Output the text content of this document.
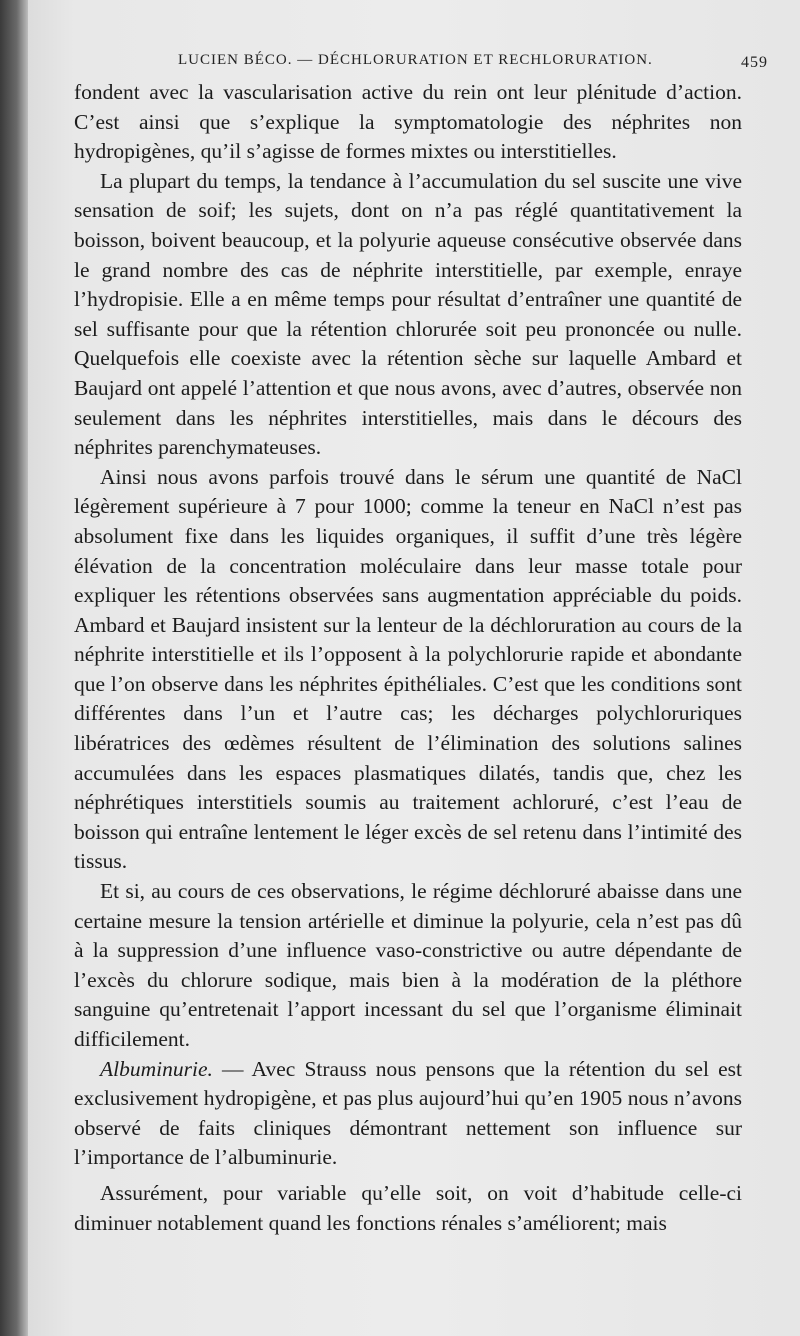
LUCIEN BÉCO. — DÉCHLORURATION ET RECHLORURATION.	459

fondent avec la vascularisation active du rein ont leur plénitude d’action. C’est ainsi que s’explique la symptomatologie des néphrites non hydropigènes, qu’il s’agisse de formes mixtes ou interstitielles.

La plupart du temps, la tendance à l’accumulation du sel suscite une vive sensation de soif; les sujets, dont on n’a pas réglé quantitativement la boisson, boivent beaucoup, et la polyurie aqueuse consécutive observée dans le grand nombre des cas de néphrite interstitielle, par exemple, enraye l’hydropisie. Elle a en même temps pour résultat d’entraîner une quantité de sel suffisante pour que la rétention chlorurée soit peu prononcée ou nulle. Quelquefois elle coexiste avec la rétention sèche sur laquelle Ambard et Baujard ont appelé l’attention et que nous avons, avec d’autres, observée non seulement dans les néphrites interstitielles, mais dans le décours des néphrites parenchymateuses.

Ainsi nous avons parfois trouvé dans le sérum une quantité de NaCl légèrement supérieure à 7 pour 1000; comme la teneur en NaCl n’est pas absolument fixe dans les liquides organiques, il suffit d’une très légère élévation de la concentration moléculaire dans leur masse totale pour expliquer les rétentions observées sans augmentation appréciable du poids. Ambard et Baujard insistent sur la lenteur de la déchloruration au cours de la néphrite interstitielle et ils l’opposent à la polychlorurie rapide et abondante que l’on observe dans les néphrites épithéliales. C’est que les conditions sont différentes dans l’un et l’autre cas; les décharges polychloruriques libératrices des œdèmes résultent de l’élimination des solutions salines accumulées dans les espaces plasmatiques dilatés, tandis que, chez les néphrétiques interstitiels soumis au traitement achloruré, c’est l’eau de boisson qui entraîne lentement le léger excès de sel retenu dans l’intimité des tissus.

Et si, au cours de ces observations, le régime déchloruré abaisse dans une certaine mesure la tension artérielle et diminue la polyurie, cela n’est pas dû à la suppression d’une influence vaso-constrictive ou autre dépendante de l’excès du chlorure sodique, mais bien à la modération de la pléthore sanguine qu’entretenait l’apport incessant du sel que l’organisme éliminait difficilement.

Albuminurie. — Avec Strauss nous pensons que la rétention du sel est exclusivement hydropigène, et pas plus aujourd’hui qu’en 1905 nous n’avons observé de faits cliniques démontrant nettement son influence sur l’importance de l’albuminurie.

Assurément, pour variable qu’elle soit, on voit d’habitude celle-ci diminuer notablement quand les fonctions rénales s’améliorent; mais
